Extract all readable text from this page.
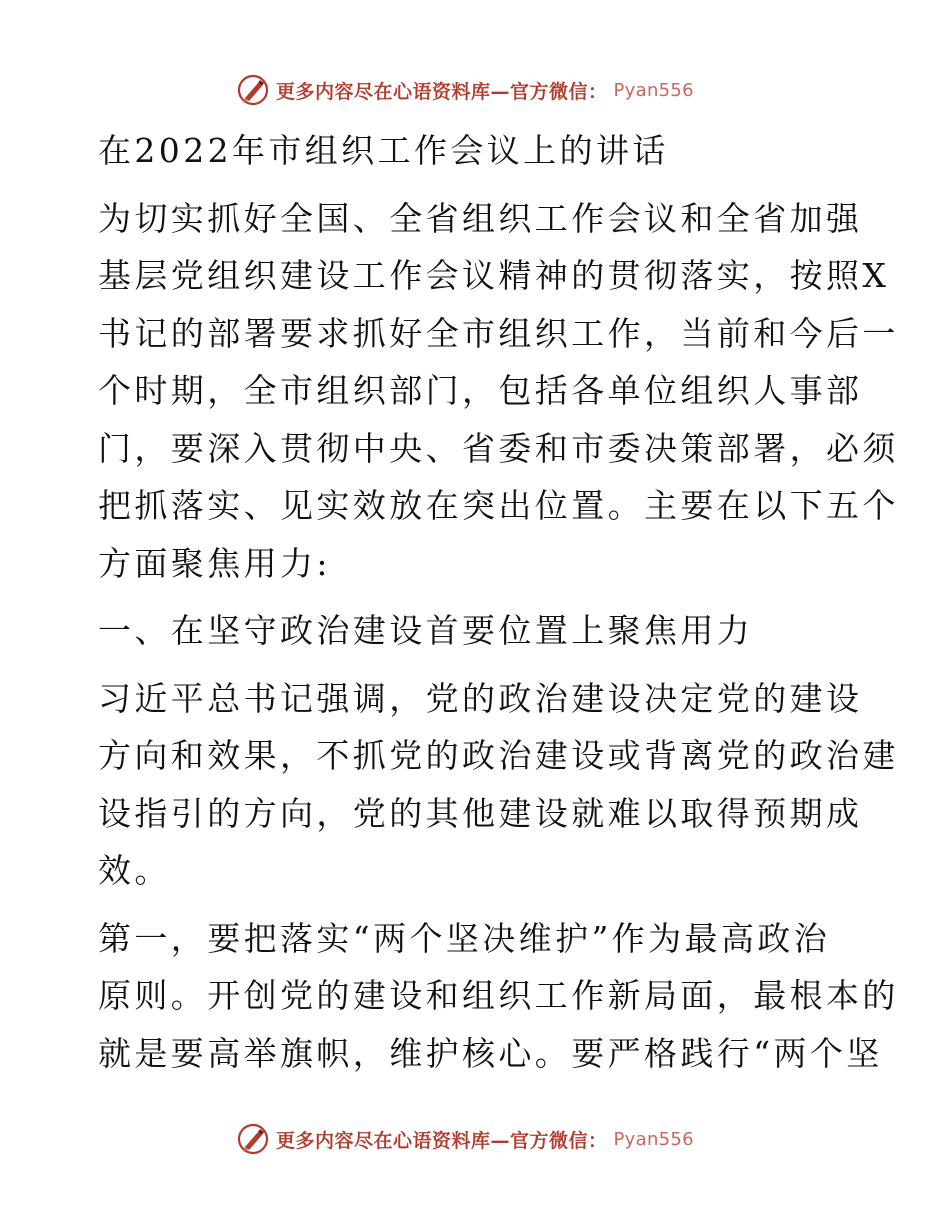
更多内容尽在心语资料库—官方微信： Pyan556
在2022年市组织工作会议上的讲话
为切实抓好全国、全省组织工作会议和全省加强
基层党组织建设工作会议精神的贯彻落实，按照X
书记的部署要求抓好全市组织工作，当前和今后一
个时期，全市组织部门，包括各单位组织人事部
门，要深入贯彻中央、省委和市委决策部署，必须
把抓落实、见实效放在突出位置。主要在以下五个
方面聚焦用力:
一、在坚守政治建设首要位置上聚焦用力
习近平总书记强调，党的政治建设决定党的建设
方向和效果，不抓党的政治建设或背离党的政治建
设指引的方向，党的其他建设就难以取得预期成
效。
第一，要把落实“两个坚决维护”作为最高政治
原则。开创党的建设和组织工作新局面，最根本的
就是要高举旗帜，维护核心。要严格践行“两个坚
更多内容尽在心语资料库—官方微信： Pyan556
